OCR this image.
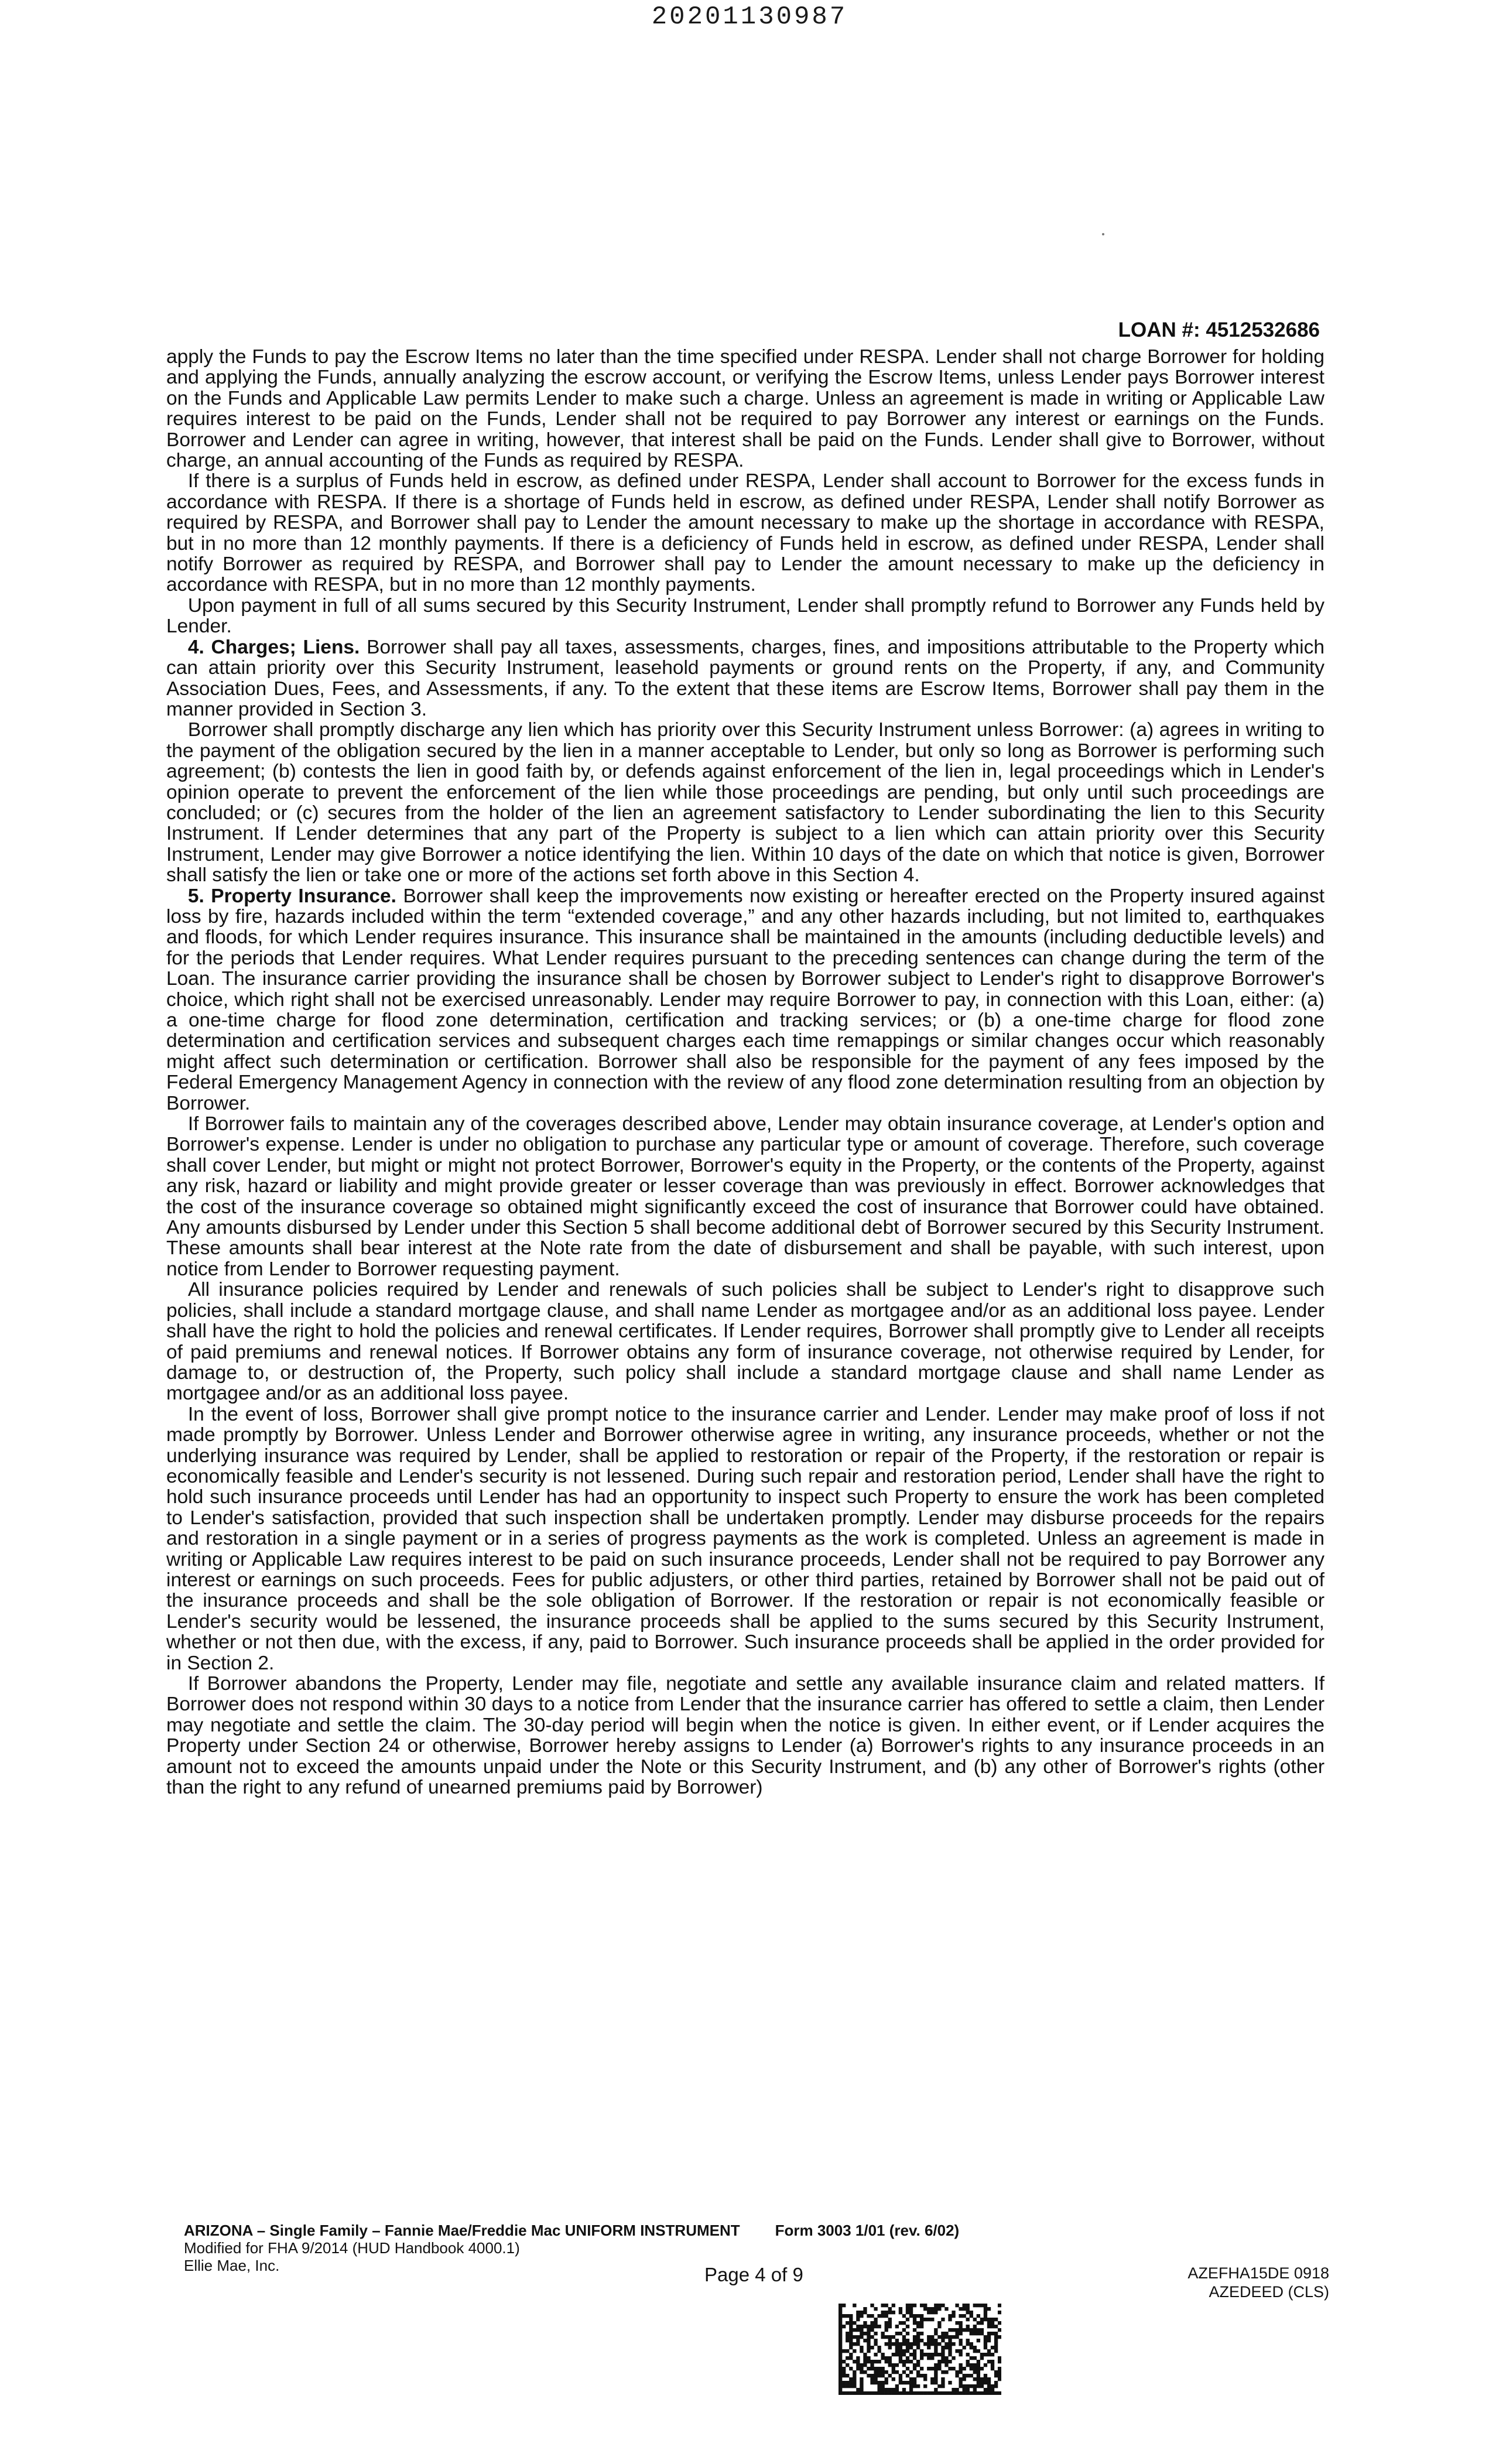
20201130987
LOAN #: 4512532686

apply the Funds to pay the Escrow Items no later than the time specified under RESPA. Lender shall not charge Borrower for holding and applying the Funds, annually analyzing the escrow account, or verifying the Escrow Items, unless Lender pays Borrower interest on the Funds and Applicable Law permits Lender to make such a charge. Unless an agreement is made in writing or Applicable Law requires interest to be paid on the Funds, Lender shall not be required to pay Borrower any interest or earnings on the Funds. Borrower and Lender can agree in writing, however, that interest shall be paid on the Funds. Lender shall give to Borrower, without charge, an annual accounting of the Funds as required by RESPA.

If there is a surplus of Funds held in escrow, as defined under RESPA, Lender shall account to Borrower for the excess funds in accordance with RESPA. If there is a shortage of Funds held in escrow, as defined under RESPA, Lender shall notify Borrower as required by RESPA, and Borrower shall pay to Lender the amount necessary to make up the shortage in accordance with RESPA, but in no more than 12 monthly payments. If there is a deficiency of Funds held in escrow, as defined under RESPA, Lender shall notify Borrower as required by RESPA, and Borrower shall pay to Lender the amount necessary to make up the deficiency in accordance with RESPA, but in no more than 12 monthly payments.

Upon payment in full of all sums secured by this Security Instrument, Lender shall promptly refund to Borrower any Funds held by Lender.

4. Charges; Liens. Borrower shall pay all taxes, assessments, charges, fines, and impositions attributable to the Property which can attain priority over this Security Instrument, leasehold payments or ground rents on the Property, if any, and Community Association Dues, Fees, and Assessments, if any. To the extent that these items are Escrow Items, Borrower shall pay them in the manner provided in Section 3.

Borrower shall promptly discharge any lien which has priority over this Security Instrument unless Borrower: (a) agrees in writing to the payment of the obligation secured by the lien in a manner acceptable to Lender, but only so long as Borrower is performing such agreement; (b) contests the lien in good faith by, or defends against enforcement of the lien in, legal proceedings which in Lender's opinion operate to prevent the enforcement of the lien while those proceedings are pending, but only until such proceedings are concluded; or (c) secures from the holder of the lien an agreement satisfactory to Lender subordinating the lien to this Security Instrument. If Lender determines that any part of the Property is subject to a lien which can attain priority over this Security Instrument, Lender may give Borrower a notice identifying the lien. Within 10 days of the date on which that notice is given, Borrower shall satisfy the lien or take one or more of the actions set forth above in this Section 4.

5. Property Insurance. Borrower shall keep the improvements now existing or hereafter erected on the Property insured against loss by fire, hazards included within the term “extended coverage,” and any other hazards including, but not limited to, earthquakes and floods, for which Lender requires insurance. This insurance shall be maintained in the amounts (including deductible levels) and for the periods that Lender requires. What Lender requires pursuant to the preceding sentences can change during the term of the Loan. The insurance carrier providing the insurance shall be chosen by Borrower subject to Lender's right to disapprove Borrower's choice, which right shall not be exercised unreasonably. Lender may require Borrower to pay, in connection with this Loan, either: (a) a one-time charge for flood zone determination, certification and tracking services; or (b) a one-time charge for flood zone determination and certification services and subsequent charges each time remappings or similar changes occur which reasonably might affect such determination or certification. Borrower shall also be responsible for the payment of any fees imposed by the Federal Emergency Management Agency in connection with the review of any flood zone determination resulting from an objection by Borrower.

If Borrower fails to maintain any of the coverages described above, Lender may obtain insurance coverage, at Lender's option and Borrower's expense. Lender is under no obligation to purchase any particular type or amount of coverage. Therefore, such coverage shall cover Lender, but might or might not protect Borrower, Borrower's equity in the Property, or the contents of the Property, against any risk, hazard or liability and might provide greater or lesser coverage than was previously in effect. Borrower acknowledges that the cost of the insurance coverage so obtained might significantly exceed the cost of insurance that Borrower could have obtained. Any amounts disbursed by Lender under this Section 5 shall become additional debt of Borrower secured by this Security Instrument. These amounts shall bear interest at the Note rate from the date of disbursement and shall be payable, with such interest, upon notice from Lender to Borrower requesting payment.

All insurance policies required by Lender and renewals of such policies shall be subject to Lender's right to disapprove such policies, shall include a standard mortgage clause, and shall name Lender as mortgagee and/or as an additional loss payee. Lender shall have the right to hold the policies and renewal certificates. If Lender requires, Borrower shall promptly give to Lender all receipts of paid premiums and renewal notices. If Borrower obtains any form of insurance coverage, not otherwise required by Lender, for damage to, or destruction of, the Property, such policy shall include a standard mortgage clause and shall name Lender as mortgagee and/or as an additional loss payee.

In the event of loss, Borrower shall give prompt notice to the insurance carrier and Lender. Lender may make proof of loss if not made promptly by Borrower. Unless Lender and Borrower otherwise agree in writing, any insurance proceeds, whether or not the underlying insurance was required by Lender, shall be applied to restoration or repair of the Property, if the restoration or repair is economically feasible and Lender's security is not lessened. During such repair and restoration period, Lender shall have the right to hold such insurance proceeds until Lender has had an opportunity to inspect such Property to ensure the work has been completed to Lender's satisfaction, provided that such inspection shall be undertaken promptly. Lender may disburse proceeds for the repairs and restoration in a single payment or in a series of progress payments as the work is completed. Unless an agreement is made in writing or Applicable Law requires interest to be paid on such insurance proceeds, Lender shall not be required to pay Borrower any interest or earnings on such proceeds. Fees for public adjusters, or other third parties, retained by Borrower shall not be paid out of the insurance proceeds and shall be the sole obligation of Borrower. If the restoration or repair is not economically feasible or Lender's security would be lessened, the insurance proceeds shall be applied to the sums secured by this Security Instrument, whether or not then due, with the excess, if any, paid to Borrower. Such insurance proceeds shall be applied in the order provided for in Section 2.

If Borrower abandons the Property, Lender may file, negotiate and settle any available insurance claim and related matters. If Borrower does not respond within 30 days to a notice from Lender that the insurance carrier has offered to settle a claim, then Lender may negotiate and settle the claim. The 30-day period will begin when the notice is given. In either event, or if Lender acquires the Property under Section 24 or otherwise, Borrower hereby assigns to Lender (a) Borrower's rights to any insurance proceeds in an amount not to exceed the amounts unpaid under the Note or this Security Instrument, and (b) any other of Borrower's rights (other than the right to any refund of unearned premiums paid by Borrower)

ARIZONA – Single Family – Fannie Mae/Freddie Mac UNIFORM INSTRUMENT Form 3003 1/01 (rev. 6/02)
Modified for FHA 9/2014 (HUD Handbook 4000.1)
Ellie Mae, Inc.	Page 4 of 9	AZEFHA15DE 0918
AZEDEED (CLS)
